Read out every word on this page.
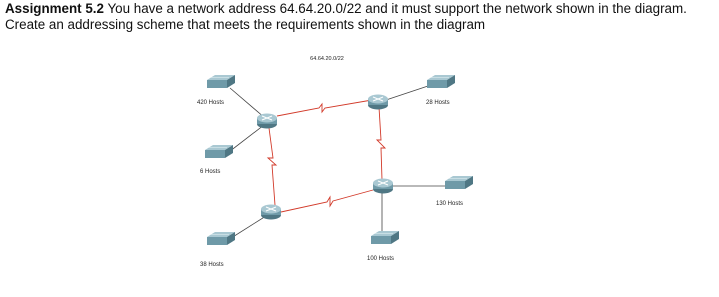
Assignment 5.2 You have a network address 64.64.20.0/22 and it must support the network shown in the diagram. Create an addressing scheme that meets the requirements shown in the diagram
64.64.20.0/22
420 Hosts
6 Hosts
38 Hosts
28 Hosts
130 Hosts
100 Hosts
